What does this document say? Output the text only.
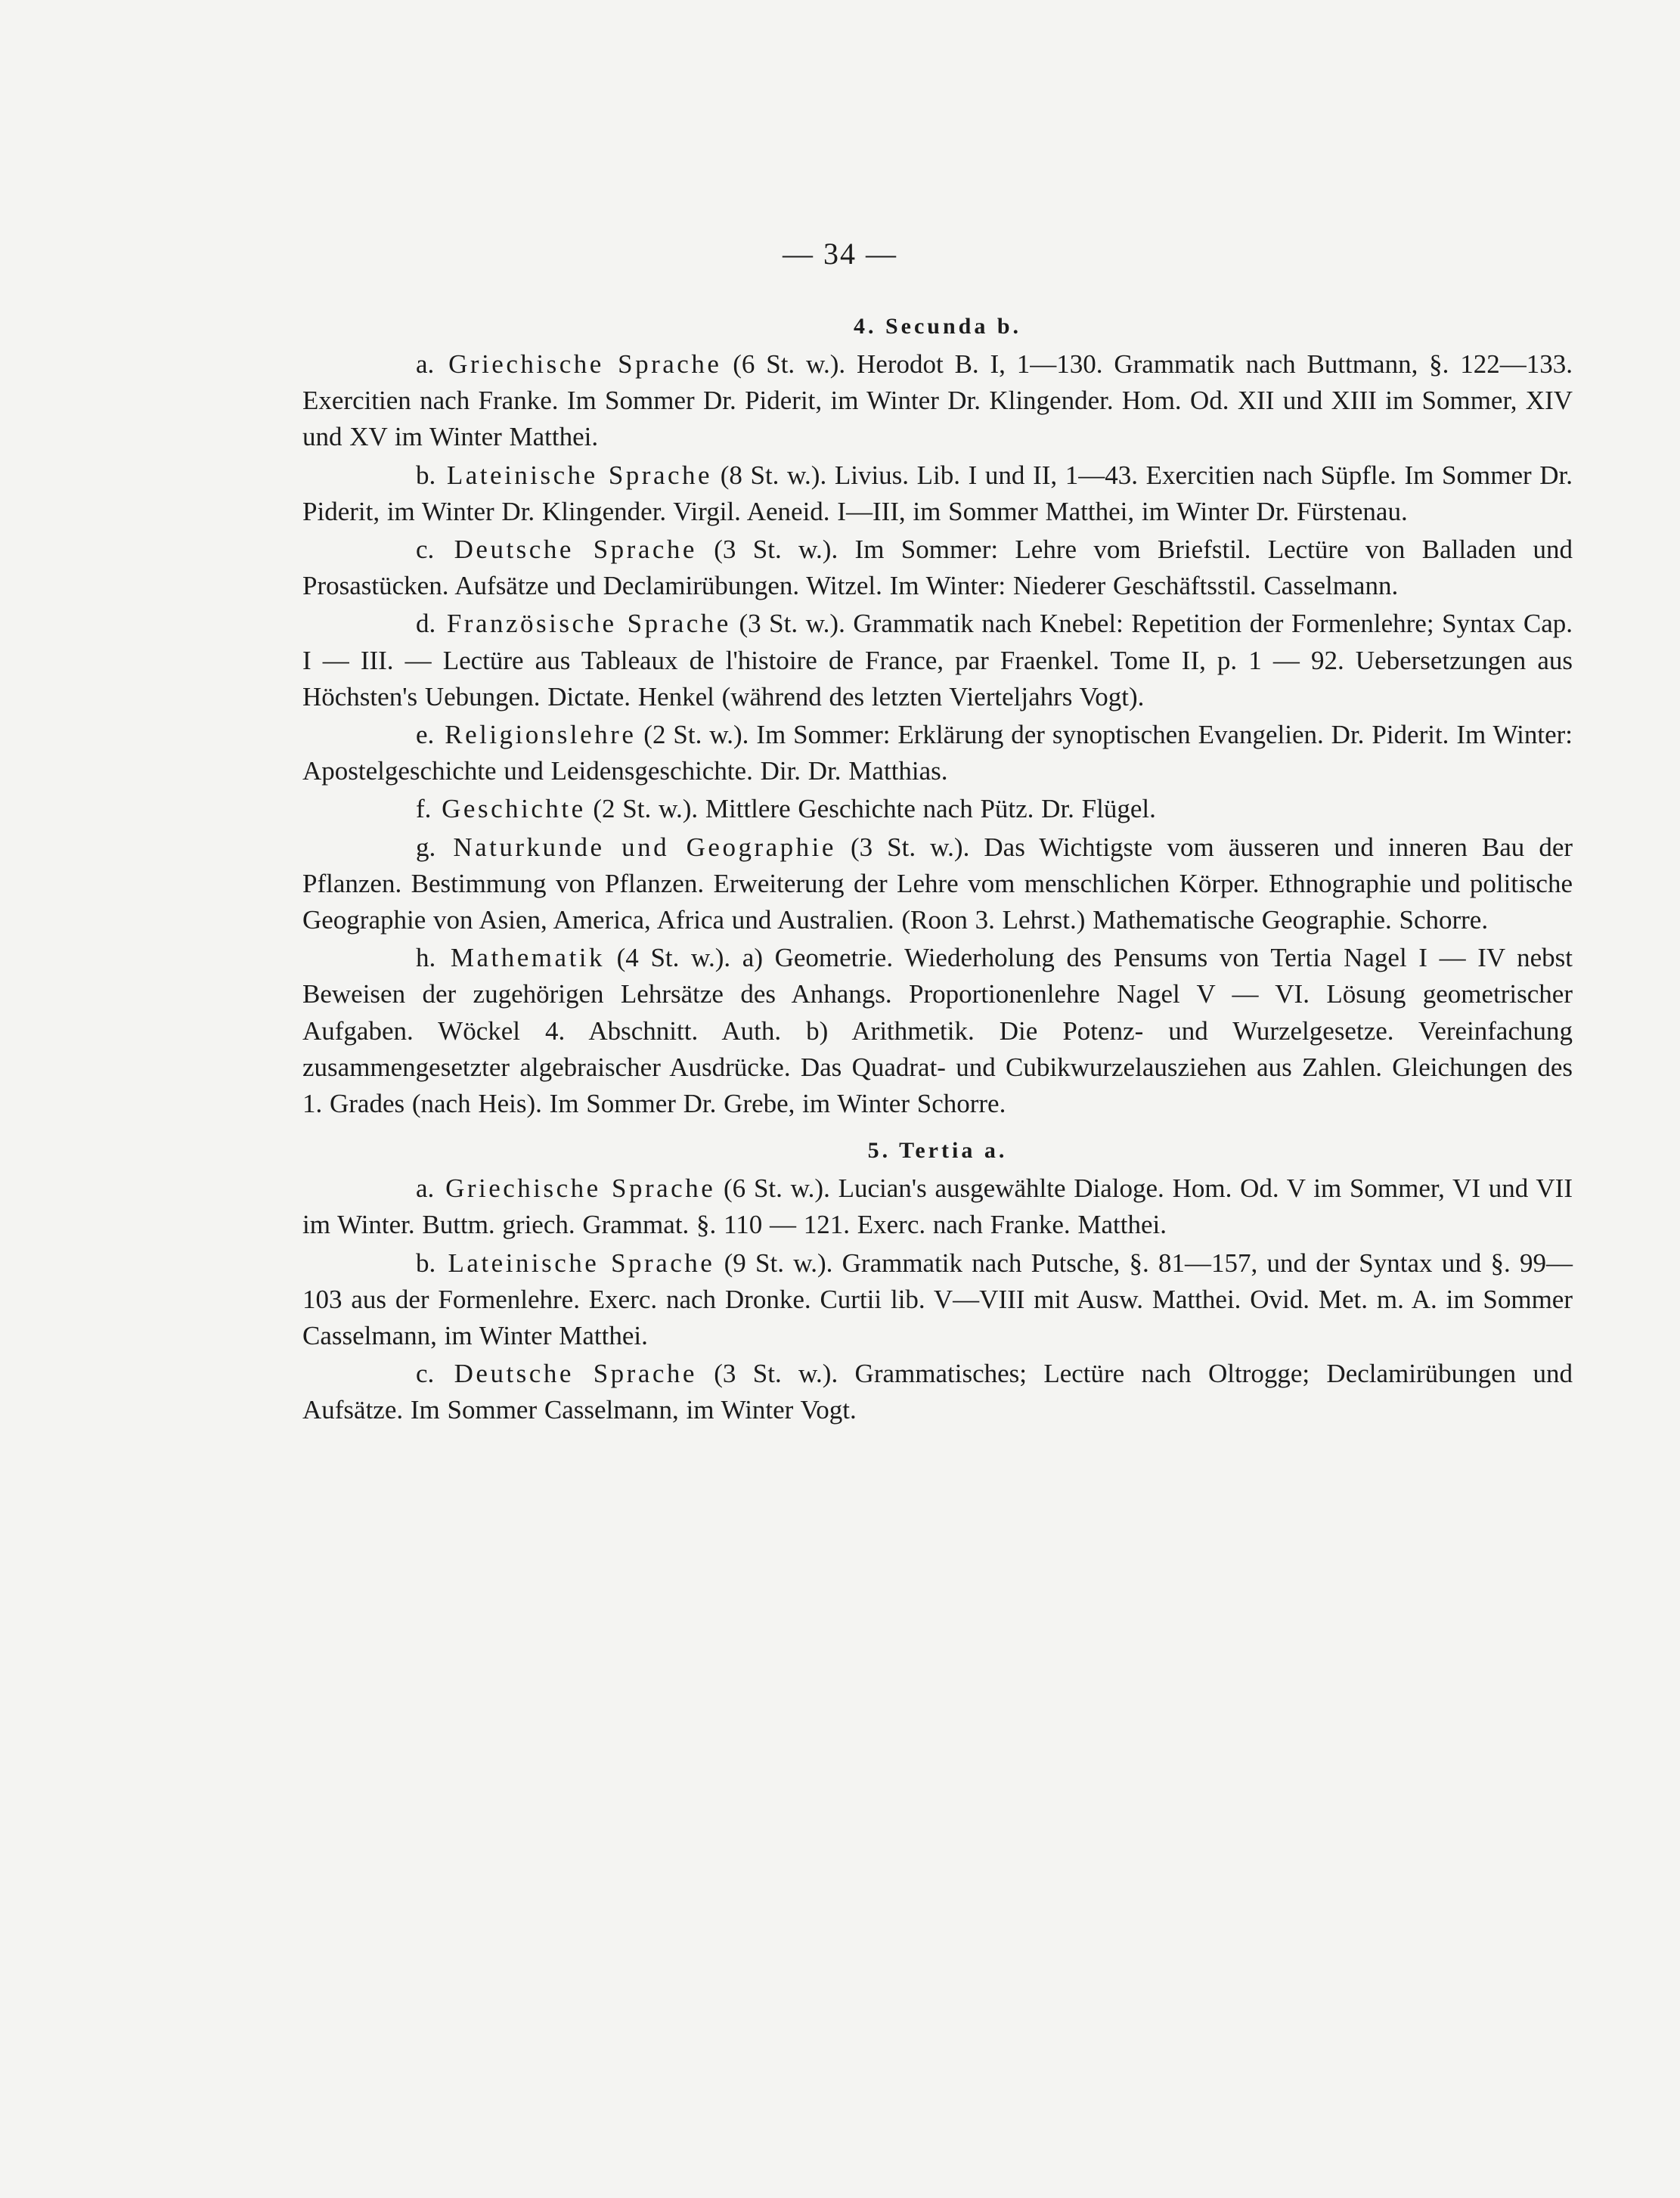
— 34 —
4. Secunda b.

a. Griechische Sprache (6 St. w.). Herodot B. I, 1—130. Grammatik nach Buttmann, §. 122—133. Exercitien nach Franke. Im Sommer Dr. Piderit, im Winter Dr. Klingender. Hom. Od. XII und XIII im Sommer, XIV und XV im Winter Matthei.

b. Lateinische Sprache (8 St. w.). Livius. Lib. I und II, 1—43. Exercitien nach Süpfle. Im Sommer Dr. Piderit, im Winter Dr. Klingender. Virgil. Aeneid. I—III, im Sommer Matthei, im Winter Dr. Fürstenau.

c. Deutsche Sprache (3 St. w.). Im Sommer: Lehre vom Briefstil. Lectüre von Balladen und Prosastücken. Aufsätze und Declamirübungen. Witzel. Im Winter: Niederer Geschäftsstil. Casselmann.

d. Französische Sprache (3 St. w.). Grammatik nach Knebel: Repetition der Formenlehre; Syntax Cap. I — III. — Lectüre aus Tableaux de l'histoire de France, par Fraenkel. Tome II, p. 1 — 92. Uebersetzungen aus Höchsten's Uebungen. Dictate. Henkel (während des letzten Vierteljahrs Vogt).

e. Religionslehre (2 St. w.). Im Sommer: Erklärung der synoptischen Evangelien. Dr. Piderit. Im Winter: Apostelgeschichte und Leidensgeschichte. Dir. Dr. Matthias.

f. Geschichte (2 St. w.). Mittlere Geschichte nach Pütz. Dr. Flügel.

g. Naturkunde und Geographie (3 St. w.). Das Wichtigste vom äusseren und inneren Bau der Pflanzen. Bestimmung von Pflanzen. Erweiterung der Lehre vom menschlichen Körper. Ethnographie und politische Geographie von Asien, America, Africa und Australien. (Roon 3. Lehrst.) Mathematische Geographie. Schorre.

h. Mathematik (4 St. w.). a) Geometrie. Wiederholung des Pensums von Tertia Nagel I — IV nebst Beweisen der zugehörigen Lehrsätze des Anhangs. Proportionenlehre Nagel V — VI. Lösung geometrischer Aufgaben. Wöckel 4. Abschnitt. Auth. b) Arithmetik. Die Potenz- und Wurzelgesetze. Vereinfachung zusammengesetzter algebraischer Ausdrücke. Das Quadrat- und Cubikwurzelausziehen aus Zahlen. Gleichungen des 1. Grades (nach Heis). Im Sommer Dr. Grebe, im Winter Schorre.

5. Tertia a.

a. Griechische Sprache (6 St. w.). Lucian's ausgewählte Dialoge. Hom. Od. V im Sommer, VI und VII im Winter. Buttm. griech. Grammat. §. 110 — 121. Exerc. nach Franke. Matthei.

b. Lateinische Sprache (9 St. w.). Grammatik nach Putsche, §. 81—157, und der Syntax und §. 99—103 aus der Formenlehre. Exerc. nach Dronke. Curtii lib. V—VIII mit Ausw. Matthei. Ovid. Met. m. A. im Sommer Casselmann, im Winter Matthei.

c. Deutsche Sprache (3 St. w.). Grammatisches; Lectüre nach Oltrogge; Declamirübungen und Aufsätze. Im Sommer Casselmann, im Winter Vogt.
